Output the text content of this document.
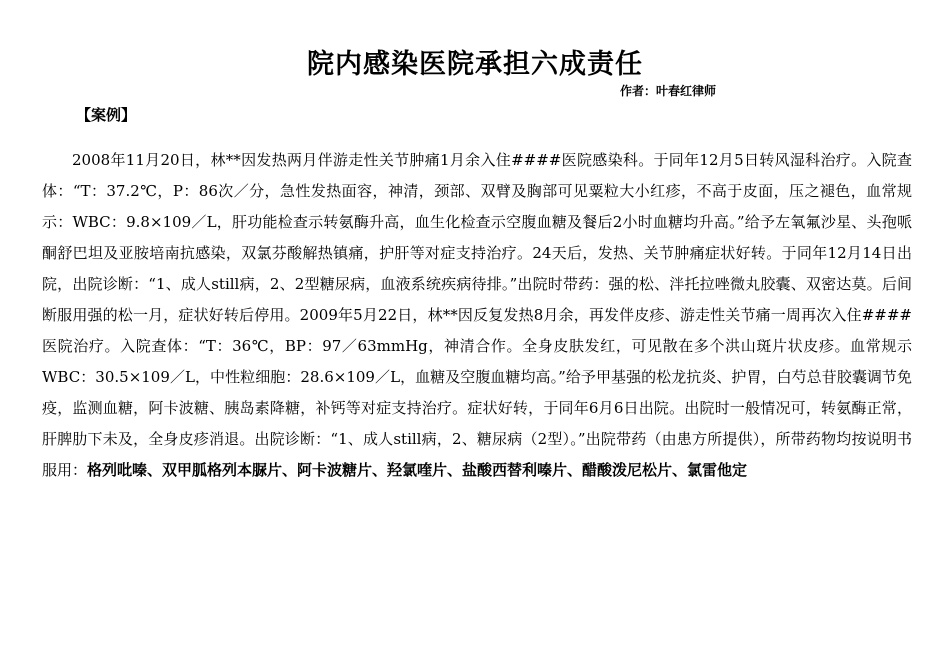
院内感染医院承担六成责任
作者：叶春红律师
【案例】

2008年11月20日，林**因发热两月伴游走性关节肿痛1月余入住####医院感染科。于同年12月5日转风湿科治疗。入院查体：“T：37.2℃，P：86次／分，急性发热面容，神清，颈部、双臂及胸部可见粟粒大小红疹，不高于皮面，压之褪色，血常规示：WBC：9.8×109／L，肝功能检查示转氨酶升高，血生化检查示空腹血糖及餐后2小时血糖均升高。”给予左氧氟沙星、头孢哌酮舒巴坦及亚胺培南抗感染，双氯芬酸解热镇痛，护肝等对症支持治疗。24天后，发热、关节肿痛症状好转。于同年12月14日出院，出院诊断：“1、成人still病，2、2型糖尿病，血液系统疾病待排。”出院时带药：强的松、泮托拉唑微丸胶囊、双密达莫。后间断服用强的松一月，症状好转后停用。2009年5月22日，林**因反复发热8月余，再发伴皮疹、游走性关节痛一周再次入住####医院治疗。入院查体：“T：36℃，BP：97／63mmHg，神清合作。全身皮肤发红，可见散在多个洪山斑片状皮疹。血常规示WBC：30.5×109／L，中性粒细胞：28.6×109／L，血糖及空腹血糖均高。”给予甲基强的松龙抗炎、护胃，白芍总苷胶囊调节免疫，监测血糖，阿卡波糖、胰岛素降糖，补钙等对症支持治疗。症状好转，于同年6月6日出院。出院时一般情况可，转氨酶正常，肝脾肋下未及，全身皮疹消退。出院诊断：“1、成人still病，2、糖尿病（2型）。”出院带药（由患方所提供），所带药物均按说明书服用：格列吡嗪、双甲胍格列本脲片、阿卡波糖片、羟氯喹片、盐酸西替利嗪片、醋酸泼尼松片、氯雷他定
